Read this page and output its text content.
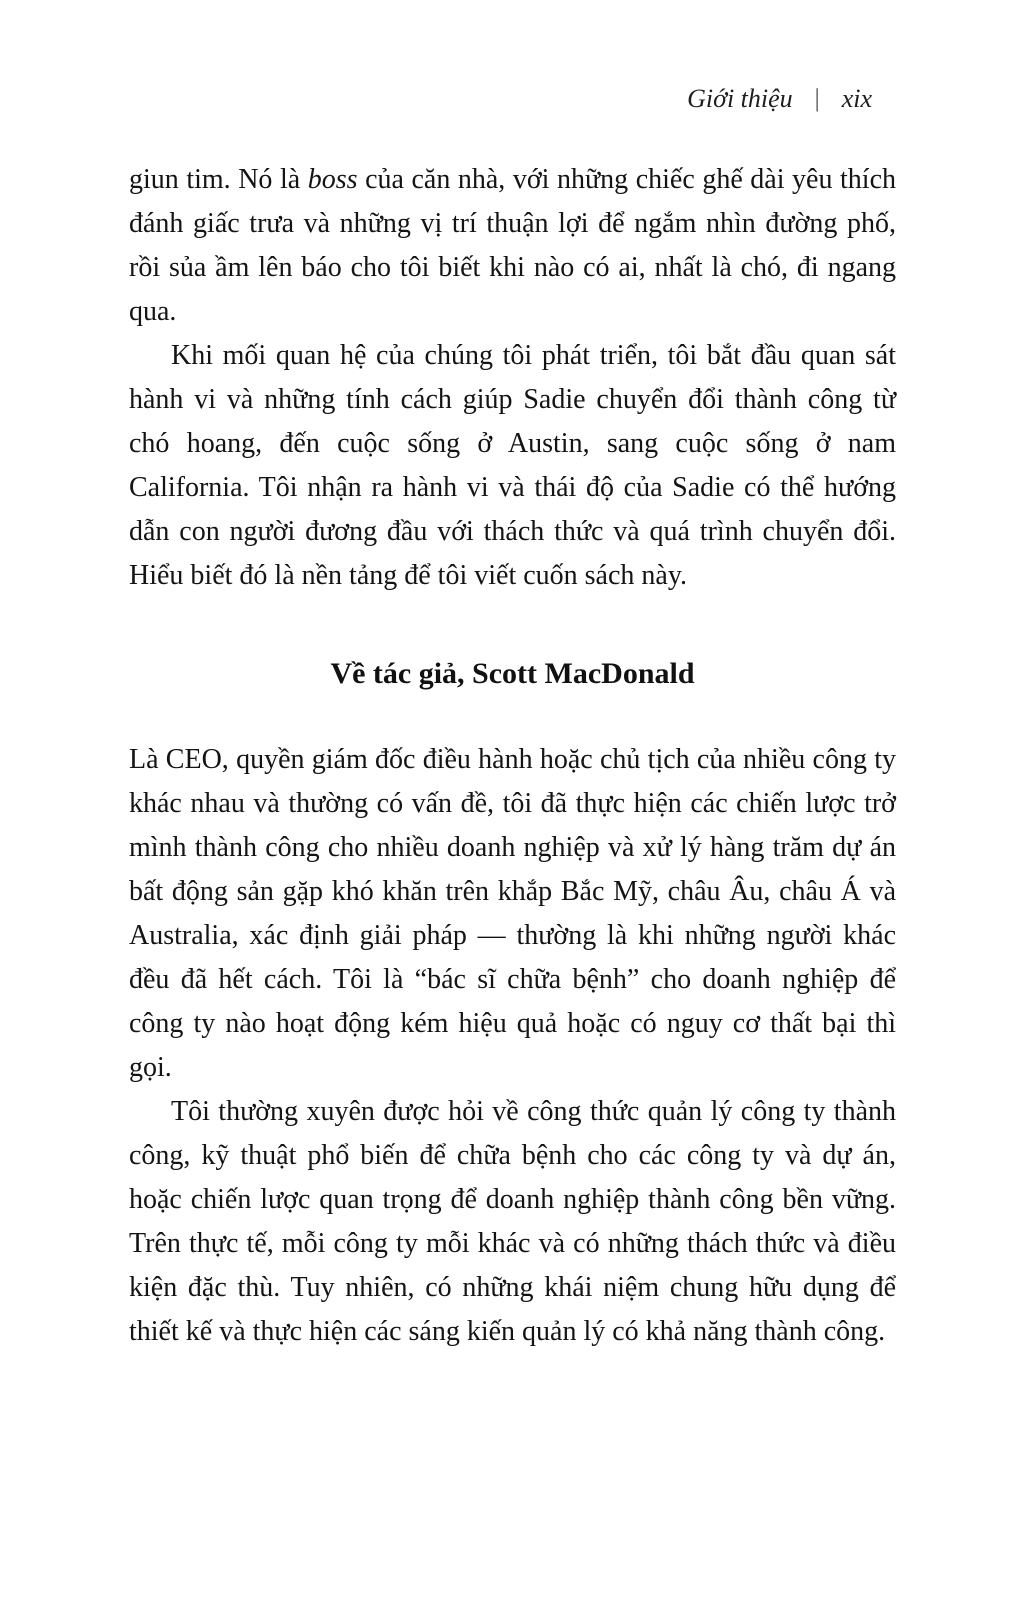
Giới thiệu | xix

giun tim. Nó là boss của căn nhà, với những chiếc ghế dài yêu thích đánh giấc trưa và những vị trí thuận lợi để ngắm nhìn đường phố, rồi sủa ầm lên báo cho tôi biết khi nào có ai, nhất là chó, đi ngang qua.

Khi mối quan hệ của chúng tôi phát triển, tôi bắt đầu quan sát hành vi và những tính cách giúp Sadie chuyển đổi thành công từ chó hoang, đến cuộc sống ở Austin, sang cuộc sống ở nam California. Tôi nhận ra hành vi và thái độ của Sadie có thể hướng dẫn con người đương đầu với thách thức và quá trình chuyển đổi. Hiểu biết đó là nền tảng để tôi viết cuốn sách này.

Về tác giả, Scott MacDonald

Là CEO, quyền giám đốc điều hành hoặc chủ tịch của nhiều công ty khác nhau và thường có vấn đề, tôi đã thực hiện các chiến lược trở mình thành công cho nhiều doanh nghiệp và xử lý hàng trăm dự án bất động sản gặp khó khăn trên khắp Bắc Mỹ, châu Âu, châu Á và Australia, xác định giải pháp — thường là khi những người khác đều đã hết cách. Tôi là “bác sĩ chữa bệnh” cho doanh nghiệp để công ty nào hoạt động kém hiệu quả hoặc có nguy cơ thất bại thì gọi.

Tôi thường xuyên được hỏi về công thức quản lý công ty thành công, kỹ thuật phổ biến để chữa bệnh cho các công ty và dự án, hoặc chiến lược quan trọng để doanh nghiệp thành công bền vững. Trên thực tế, mỗi công ty mỗi khác và có những thách thức và điều kiện đặc thù. Tuy nhiên, có những khái niệm chung hữu dụng để thiết kế và thực hiện các sáng kiến quản lý có khả năng thành công.
